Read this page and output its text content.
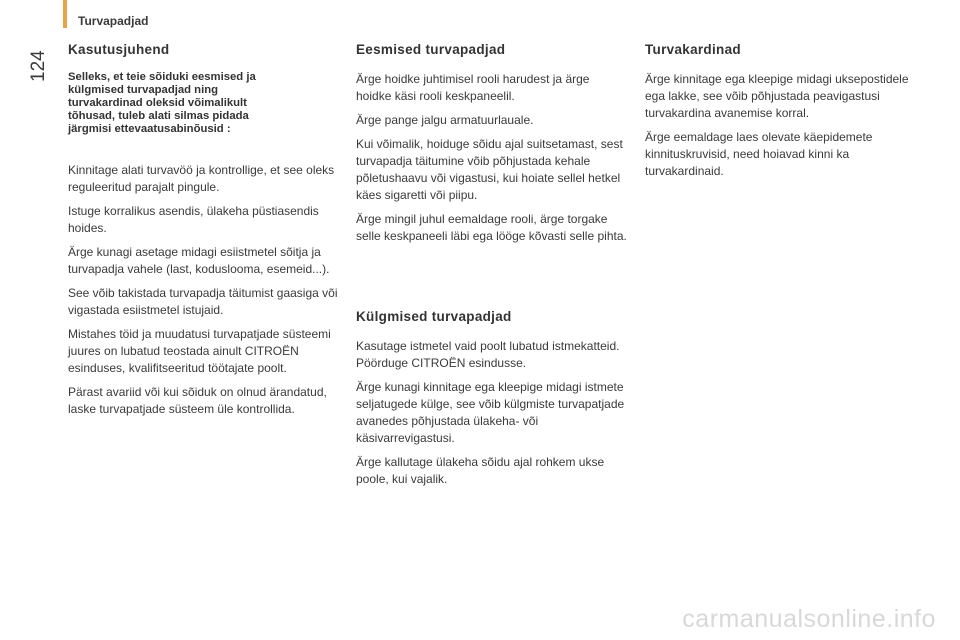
Turvapadjad
124
Kasutusjuhend
Selleks, et teie sõiduki eesmised ja külgmised turvapadjad ning turvakardinad oleksid võimalikult tõhusad, tuleb alati silmas pidada järgmisi ettevaatusabinõusid :

Kinnitage alati turvavöö ja kontrollige, et see oleks reguleeritud parajalt pingule.

Istuge korralikus asendis, ülakeha püstiasendis hoides.

Ärge kunagi asetage midagi esiistmetel sõitja ja turvapadja vahele (last, koduslooma, esemeid...).

See võib takistada turvapadja täitumist gaasiga või vigastada esiistmetel istujaid.

Mistahes töid ja muudatusi turvapatjade süsteemi juures on lubatud teostada ainult CITROËN esinduses, kvalifitseeritud töötajate poolt.

Pärast avariid või kui sõiduk on olnud ärandatud, laske turvapatjade süsteem üle kontrollida.

Eesmised turvapadjad

Ärge hoidke juhtimisel rooli harudest ja ärge hoidke käsi rooli keskpaneelil.

Ärge pange jalgu armatuurlauale.

Kui võimalik, hoiduge sõidu ajal suitsetamast, sest turvapadja täitumine võib põhjustada kehale põletushaavu või vigastusi, kui hoiate sellel hetkel käes sigaretti või piipu.

Ärge mingil juhul eemaldage rooli, ärge torgake selle keskpaneeli läbi ega lööge kõvasti selle pihta.

Külgmised turvapadjad

Kasutage istmetel vaid poolt lubatud istmekatteid. Pöörduge CITROËN esindusse.

Ärge kunagi kinnitage ega kleepige midagi istmete seljatugede külge, see võib külgmiste turvapatjade avanedes põhjustada ülakeha- või käsivarrevigastusi.

Ärge kallutage ülakeha sõidu ajal rohkem ukse poole, kui vajalik.

Turvakardinad

Ärge kinnitage ega kleepige midagi uksepostidele ega lakke, see võib põhjustada peavigastusi turvakardina avanemise korral.

Ärge eemaldage laes olevate käepidemete kinnituskruvisid, need hoiavad kinni ka turvakardinaid.

carmanualsonline.info
